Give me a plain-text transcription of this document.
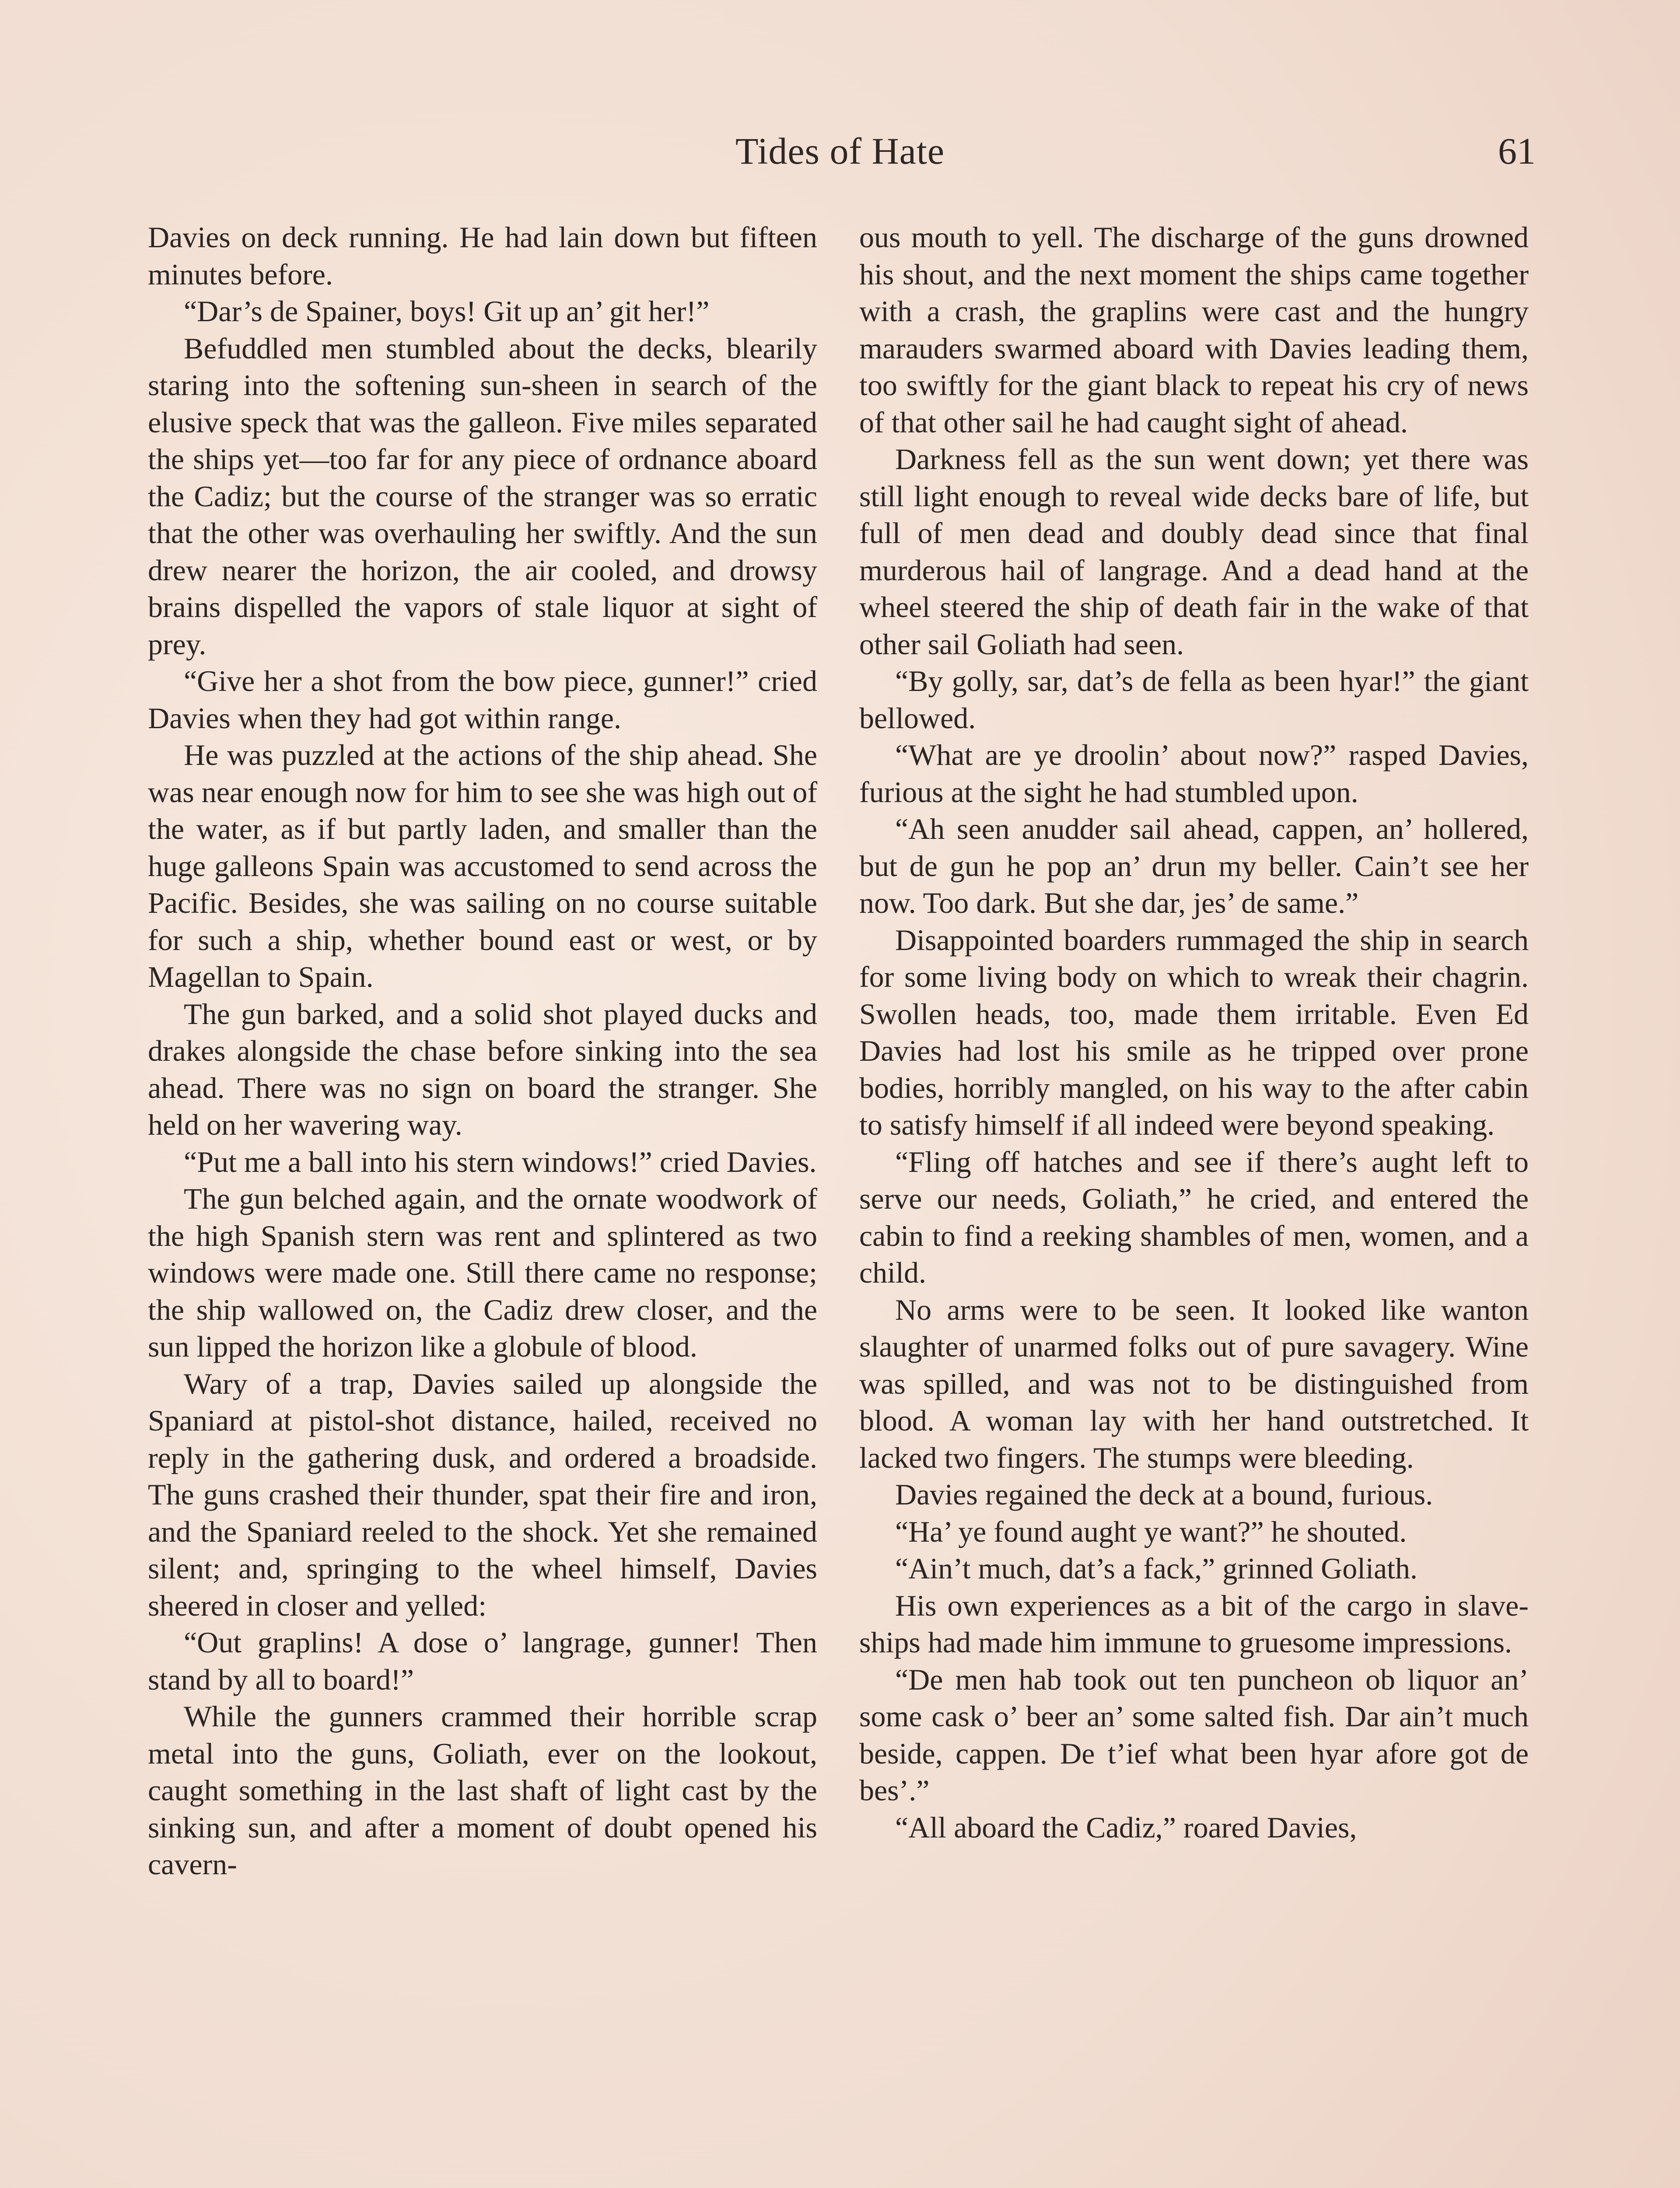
Tides of Hate	61

Davies on deck running. He had lain down but fifteen minutes before.

“Dar’s de Spainer, boys! Git up an’ git her!”

Befuddled men stumbled about the decks, blearily staring into the softening sun-sheen in search of the elusive speck that was the galleon. Five miles separated the ships yet—too far for any piece of ordnance aboard the Cadiz; but the course of the stranger was so erratic that the other was overhauling her swiftly. And the sun drew nearer the horizon, the air cooled, and drowsy brains dispelled the vapors of stale liquor at sight of prey.

“Give her a shot from the bow piece, gunner!” cried Davies when they had got within range.

He was puzzled at the actions of the ship ahead. She was near enough now for him to see she was high out of the water, as if but partly laden, and smaller than the huge galleons Spain was accustomed to send across the Pacific. Besides, she was sailing on no course suitable for such a ship, whether bound east or west, or by Magellan to Spain.

The gun barked, and a solid shot played ducks and drakes alongside the chase before sinking into the sea ahead. There was no sign on board the stranger. She held on her wavering way.

“Put me a ball into his stern windows!” cried Davies.

The gun belched again, and the ornate woodwork of the high Spanish stern was rent and splintered as two windows were made one. Still there came no response; the ship wallowed on, the Cadiz drew closer, and the sun lipped the horizon like a globule of blood.

Wary of a trap, Davies sailed up alongside the Spaniard at pistol-shot distance, hailed, received no reply in the gathering dusk, and ordered a broadside. The guns crashed their thunder, spat their fire and iron, and the Spaniard reeled to the shock. Yet she remained silent; and, springing to the wheel himself, Davies sheered in closer and yelled:

“Out graplins! A dose o’ langrage, gunner! Then stand by all to board!”

While the gunners crammed their horrible scrap metal into the guns, Goliath, ever on the lookout, caught something in the last shaft of light cast by the sinking sun, and after a moment of doubt opened his cavern-

ous mouth to yell. The discharge of the guns drowned his shout, and the next moment the ships came together with a crash, the graplins were cast and the hungry marauders swarmed aboard with Davies leading them, too swiftly for the giant black to repeat his cry of news of that other sail he had caught sight of ahead.

Darkness fell as the sun went down; yet there was still light enough to reveal wide decks bare of life, but full of men dead and doubly dead since that final murderous hail of langrage. And a dead hand at the wheel steered the ship of death fair in the wake of that other sail Goliath had seen.

“By golly, sar, dat’s de fella as been hyar!” the giant bellowed.

“What are ye droolin’ about now?” rasped Davies, furious at the sight he had stumbled upon.

“Ah seen anudder sail ahead, cappen, an’ hollered, but de gun he pop an’ drun my beller. Cain’t see her now. Too dark. But she dar, jes’ de same.”

Disappointed boarders rummaged the ship in search for some living body on which to wreak their chagrin. Swollen heads, too, made them irritable. Even Ed Davies had lost his smile as he tripped over prone bodies, horribly mangled, on his way to the after cabin to satisfy himself if all indeed were beyond speaking.

“Fling off hatches and see if there’s aught left to serve our needs, Goliath,” he cried, and entered the cabin to find a reeking shambles of men, women, and a child.

No arms were to be seen. It looked like wanton slaughter of unarmed folks out of pure savagery. Wine was spilled, and was not to be distinguished from blood. A woman lay with her hand outstretched. It lacked two fingers. The stumps were bleeding.

Davies regained the deck at a bound, furious.

“Ha’ ye found aught ye want?” he shouted.

“Ain’t much, dat’s a fack,” grinned Goliath.

His own experiences as a bit of the cargo in slave-ships had made him immune to gruesome impressions.

“De men hab took out ten puncheon ob liquor an’ some cask o’ beer an’ some salted fish. Dar ain’t much beside, cappen. De t’ief what been hyar afore got de bes’.”

“All aboard the Cadiz,” roared Davies,
